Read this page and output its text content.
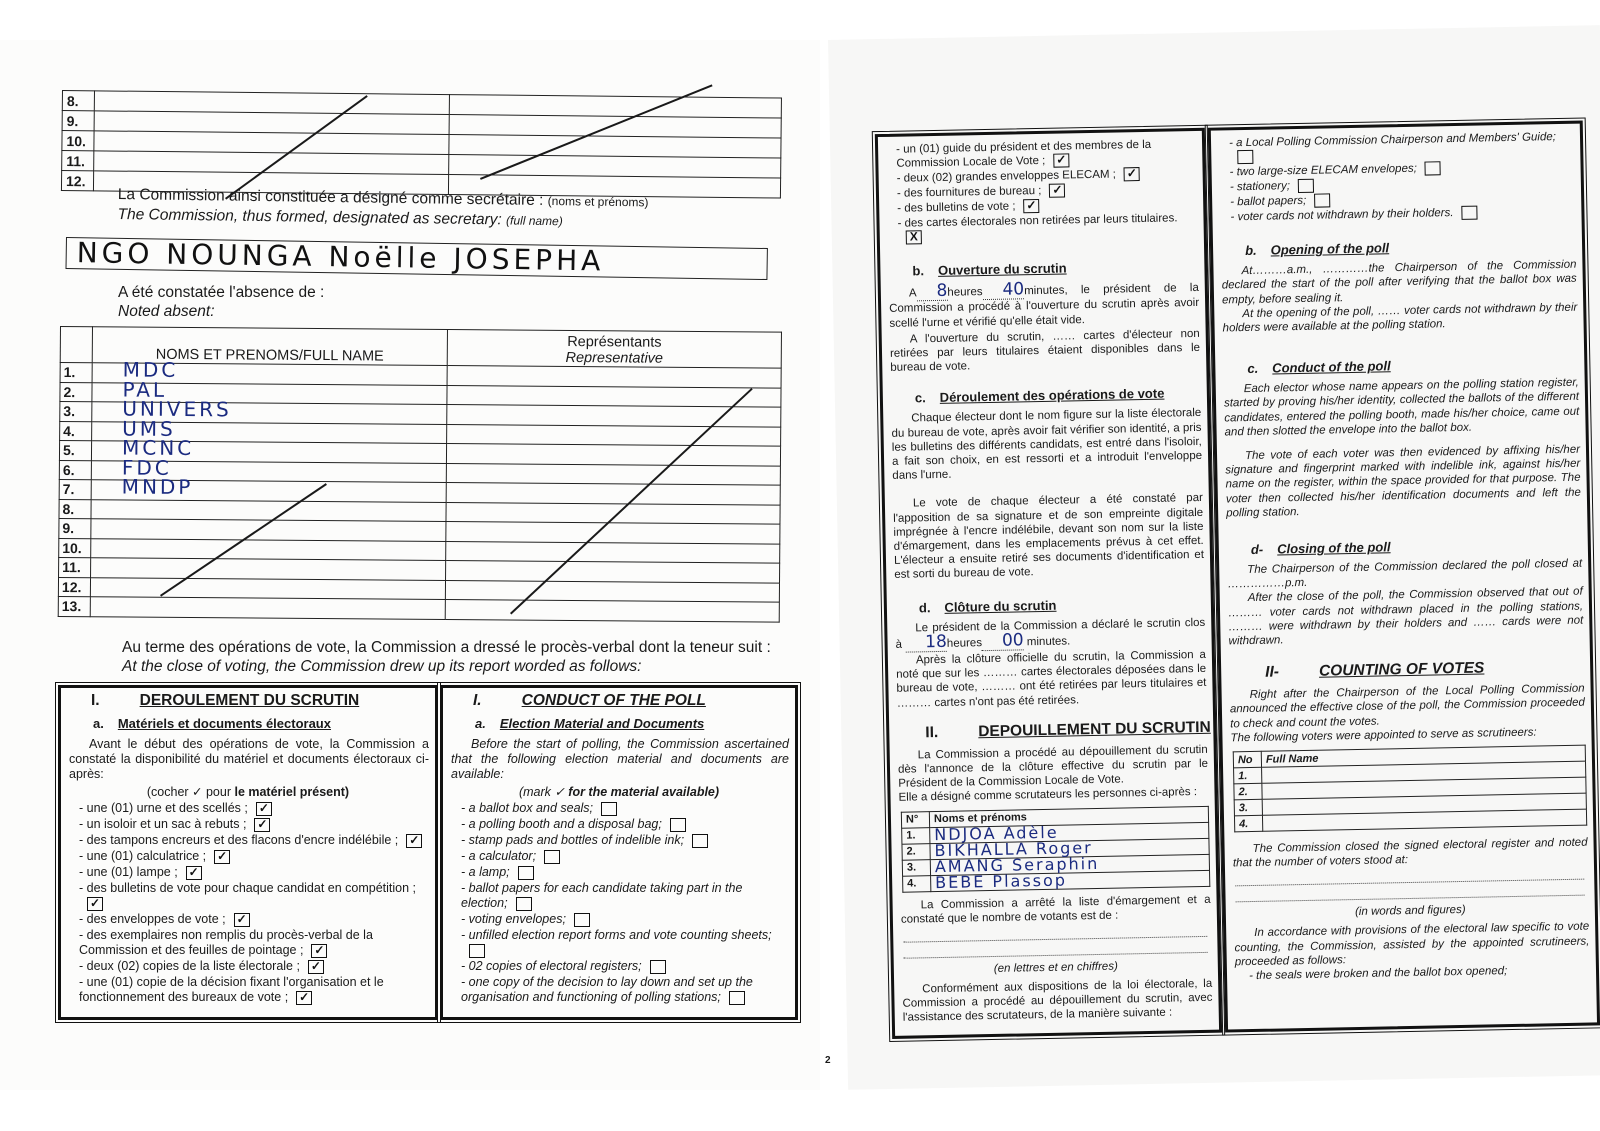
8.		
9.		
10.		
11.		
12.		
La Commission ainsi constituée a désigné comme secrétaire : (noms et prénoms)
The Commission, thus formed, designated as secretary: (full name)
NGO NOUNGA Noëlle JOSEPHA
A été constatée l'absence de :
Noted absent:
	NOMS ET PRENOMS/FULL NAME	Représentants
Representative

1.	MDC	

2.	PAL	

3.	UNIVERS	

4.	UMS	

5.	MCNC	

6.	FDC	

7.	MNDP	

8.		
9.		
10.		
11.		
12.		
13.		
Au terme des opérations de vote, la Commission a dressé le procès-verbal dont la teneur suit :
At the close of voting, the Commission drew up its report worded as follows:
I.	DEROULEMENT DU SCRUTIN
a. Matériels et documents électoraux

Avant le début des opérations de vote, la Commission a constaté la disponibilité du matériel et documents électoraux ci-après:

(cocher ✓ pour le matériel présent)
- une (01) urne et des scellés ; ✓
- un isoloir et un sac à rebuts ; ✓
- des tampons encreurs et des flacons d'encre indélébile ; ✓
- une (01) calculatrice ; ✓
- une (01) lampe ; ✓
- des bulletins de vote pour chaque candidat en compétition ;✓
- des enveloppes de vote ; ✓
- des exemplaires non remplis du procès-verbal de la Commission et des feuilles de pointage ; ✓
- deux (02) copies de la liste électorale ; ✓
- une (01) copie de la décision fixant l'organisation et le fonctionnement des bureaux de vote ; ✓
I.	CONDUCT OF THE POLL
a. Election Material and Documents

Before the start of polling, the Commission ascertained that the following election material and documents are available:

(mark ✓ for the material available)
- a ballot box and seals;
- a polling booth and a disposal bag;
- stamp pads and bottles of indelible ink;
- a calculator;
- a lamp;
- ballot papers for each candidate taking part in the election;
- voting envelopes;
- unfilled election report forms and vote counting sheets;
- 02 copies of electoral registers;
- one copy of the decision to lay down and set up the organisation and functioning of polling stations;
2
- un (01) guide du président et des membres de la Commission Locale de Vote ; ✓
- deux (02) grandes enveloppes ELECAM ; ✓
- des fournitures de bureau ; ✓
- des bulletins de vote ; ✓
- des cartes électorales non retirées par leurs titulaires.X
b. Ouverture du scrutin

A 8heures 40minutes, le président de la Commission a procédé à l'ouverture du scrutin après avoir scellé l'urne et vérifié qu'elle était vide.

A l'ouverture du scrutin, …… cartes d'électeur non retirées par leurs titulaires étaient disponibles dans le bureau de vote.

c. Déroulement des opérations de vote

Chaque électeur dont le nom figure sur la liste électorale du bureau de vote, après avoir fait vérifier son identité, a pris les bulletins des différents candidats, est entré dans l'isoloir, a fait son choix, en est ressorti et a introduit l'enveloppe dans l'urne.

Le vote de chaque électeur a été constaté par l'apposition de sa signature et de son empreinte digitale imprégnée à l'encre indélébile, devant son nom sur la liste d'émargement, dans les emplacements prévus à cet effet. L'électeur a ensuite retiré ses documents d'identification et est sorti du bureau de vote.

d. Clôture du scrutin

Le président de la Commission a déclaré le scrutin clos à 18heures 00 minutes.

Après la clôture officielle du scrutin, la Commission a noté que sur les ……… cartes électorales déposées dans le bureau de vote, ……… ont été retirées par leurs titulaires et ……… cartes n'ont pas été retirées.

II.	DEPOUILLEMENT DU SCRUTIN

La Commission a procédé au dépouillement du scrutin dès l'annonce de la clôture effective du scrutin par le Président de la Commission Locale de Vote.

Elle a désigné comme scrutateurs les personnes ci-après :

N°	Noms et prénoms
1.	NDJOA Adèle
2.	BIKHALLA Roger
3.	AMANG Seraphin
4.	BEBE Plassop

La Commission a arrêté la liste d'émargement et a constaté que le nombre de votants est de :

(en lettres et en chiffres)

Conformément aux dispositions de la loi électorale, la Commission a procédé au dépouillement du scrutin, avec l'assistance des scrutateurs, de la manière suivante :

- a Local Polling Commission Chairperson and Members' Guide;
- two large-size ELECAM envelopes;
- stationery;
- ballot papers;
- voter cards not withdrawn by their holders.
b. Opening of the poll

At………a.m., …………the Chairperson of the Commission declared the start of the poll after verifying that the ballot box was empty, before sealing it.

At the opening of the poll, …… voter cards not withdrawn by their holders were available at the polling station.

c. Conduct of the poll

Each elector whose name appears on the polling station register, started by proving his/her identity, collected the ballots of the different candidates, entered the polling booth, made his/her choice, came out and then slotted the envelope into the ballot box.

The vote of each voter was then evidenced by affixing his/her signature and fingerprint marked with indelible ink, against his/her name on the register, within the space provided for that purpose. The voter then collected his/her identification documents and left the polling station.

d- Closing of the poll

The Chairperson of the Commission declared the poll closed at ……………p.m.

After the close of the poll, the Commission observed that out of ……… voter cards not withdrawn placed in the polling stations, ……… were withdrawn by their holders and …… cards were not withdrawn.

II-	COUNTING OF VOTES

Right after the Chairperson of the Local Polling Commission announced the effective close of the poll, the Commission proceeded to check and count the votes.

The following voters were appointed to serve as scrutineers:

No	Full Name
1.	
2.	
3.	
4.	

The Commission closed the signed electoral register and noted that the number of voters stood at:

(in words and figures)

In accordance with provisions of the electoral law specific to vote counting, the Commission, assisted by the appointed scrutineers, proceeded as follows:

- the seals were broken and the ballot box opened;
